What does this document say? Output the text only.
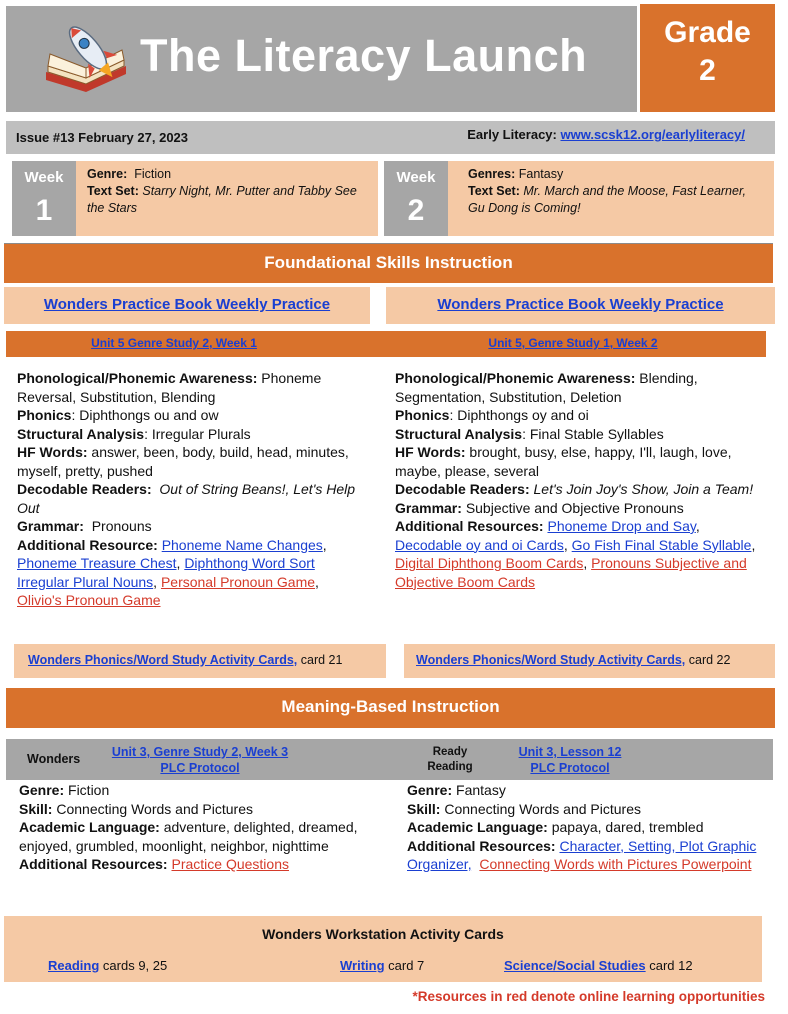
The Literacy Launch	Grade
2
Issue #13 February 27, 2023	Early Literacy: www.scsk12.org/earlyliteracy/
Week
1
Genre: Fiction
Text Set: Starry Night, Mr. Putter and Tabby See the Stars
Week
2
Genres: Fantasy
Text Set: Mr. March and the Moose, Fast Learner, Gu Dong is Coming!
Foundational Skills Instruction
Wonders Practice Book Weekly Practice	Wonders Practice Book Weekly Practice
Unit 5 Genre Study 2, Week 1	Unit 5, Genre Study 1, Week 2
Phonological/Phonemic Awareness: Phoneme Reversal, Substitution, Blending
Phonics: Diphthongs ou and ow
Structural Analysis: Irregular Plurals
HF Words: answer, been, body, build, head, minutes, myself, pretty, pushed
Decodable Readers: Out of String Beans!, Let's Help Out
Grammar: Pronouns
Additional Resource: Phoneme Name Changes, Phoneme Treasure Chest, Diphthong Word Sort Irregular Plural Nouns, Personal Pronoun Game, Olivio's Pronoun Game
Phonological/Phonemic Awareness: Blending, Segmentation, Substitution, Deletion
Phonics: Diphthongs oy and oi
Structural Analysis: Final Stable Syllables
HF Words: brought, busy, else, happy, I'll, laugh, love, maybe, please, several
Decodable Readers: Let's Join Joy's Show, Join a Team!
Grammar: Subjective and Objective Pronouns
Additional Resources: Phoneme Drop and Say, Decodable oy and oi Cards, Go Fish Final Stable Syllable, Digital Diphthong Boom Cards, Pronouns Subjective and Objective Boom Cards
Wonders Phonics/Word Study Activity Cards, card 21	Wonders Phonics/Word Study Activity Cards, card 22
Meaning-Based Instruction
Wonders	Unit 3, Genre Study 2, Week 3
PLC Protocol
Ready Reading
Unit 3, Lesson 12
PLC Protocol
Genre: Fiction
Skill: Connecting Words and Pictures
Academic Language: adventure, delighted, dreamed, enjoyed, grumbled, moonlight, neighbor, nighttime
Additional Resources: Practice Questions
Genre: Fantasy
Skill: Connecting Words and Pictures
Academic Language: papaya, dared, trembled
Additional Resources: Character, Setting, Plot Graphic Organizer, Connecting Words with Pictures Powerpoint
Wonders Workstation Activity Cards
Reading cards 9, 25	Writing card 7	Science/Social Studies card 12
*Resources in red denote online learning opportunities
